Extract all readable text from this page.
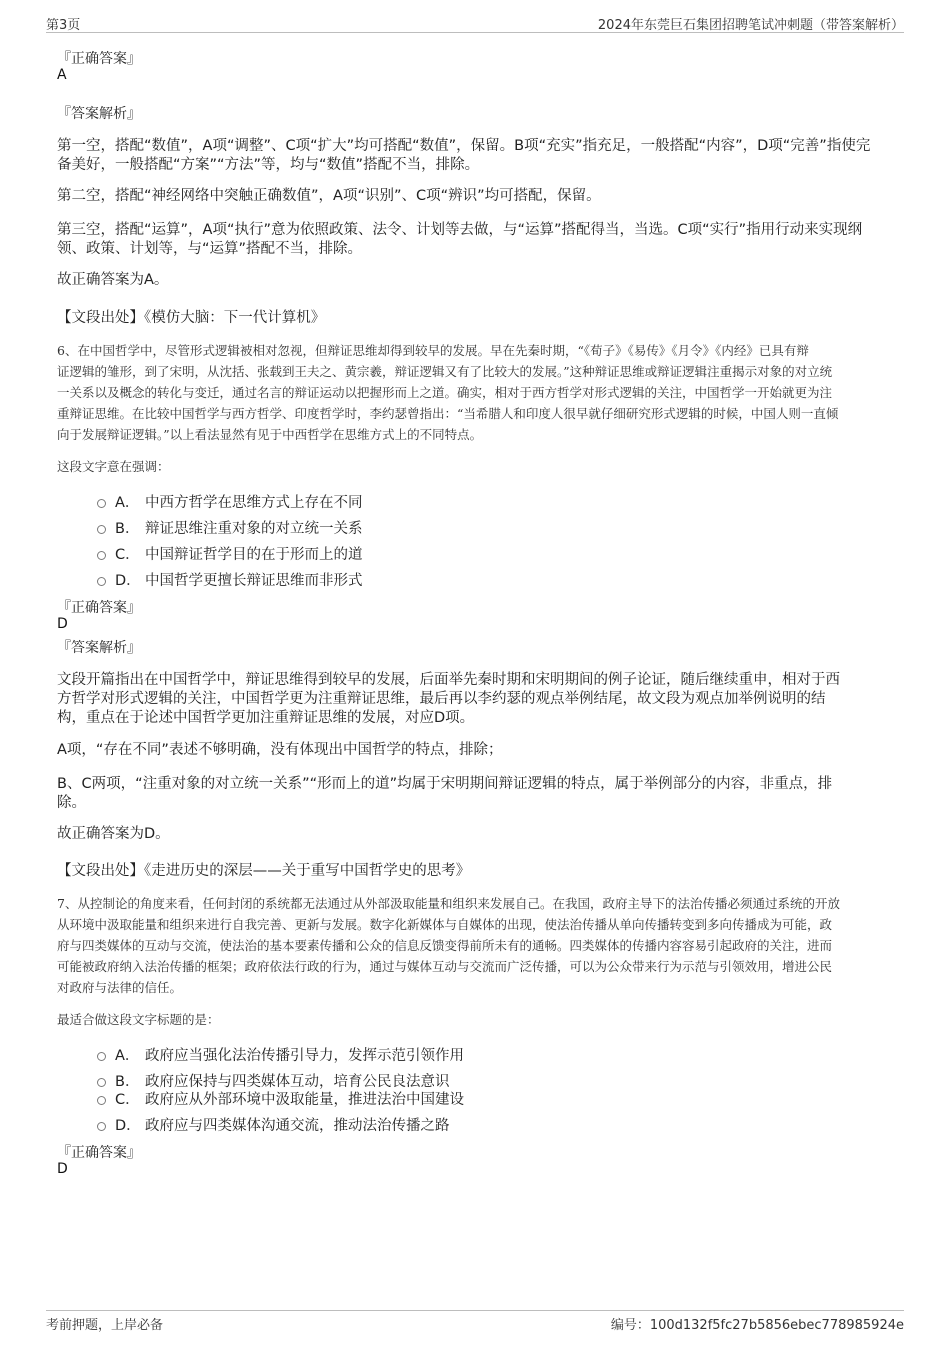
第3页	2024年东莞巨石集团招聘笔试冲刺题（带答案解析）
『正确答案』
A
『答案解析』
第一空，搭配“数值”，A项“调整”、C项“扩大”均可搭配“数值”，保留。B项“充实”指充足，一般搭配“内容”，D项“完善”指使完
备美好，一般搭配“方案”“方法”等，均与“数值”搭配不当，排除。
第二空，搭配“神经网络中突触正确数值”，A项“识别”、C项“辨识”均可搭配，保留。
第三空，搭配“运算”，A项“执行”意为依照政策、法令、计划等去做，与“运算”搭配得当，当选。C项“实行”指用行动来实现纲
领、政策、计划等，与“运算”搭配不当，排除。
故正确答案为A。
【文段出处】《模仿大脑：下一代计算机》
6、在中国哲学中，尽管形式逻辑被相对忽视，但辩证思维却得到较早的发展。早在先秦时期，“《荀子》《易传》《月令》《内经》已具有辩
证逻辑的雏形，到了宋明，从沈括、张载到王夫之、黄宗羲，辩证逻辑又有了比较大的发展。”这种辩证思维或辩证逻辑注重揭示对象的对立统
一关系以及概念的转化与变迁，通过名言的辩证运动以把握形而上之道。确实，相对于西方哲学对形式逻辑的关注，中国哲学一开始就更为注
重辩证思维。在比较中国哲学与西方哲学、印度哲学时，李约瑟曾指出：“当希腊人和印度人很早就仔细研究形式逻辑的时候，中国人则一直倾
向于发展辩证逻辑。”以上看法显然有见于中西哲学在思维方式上的不同特点。
这段文字意在强调：
A． 中西方哲学在思维方式上存在不同
B． 辩证思维注重对象的对立统一关系
C． 中国辩证哲学目的在于形而上的道
D． 中国哲学更擅长辩证思维而非形式
『正确答案』
D
『答案解析』
文段开篇指出在中国哲学中，辩证思维得到较早的发展，后面举先秦时期和宋明期间的例子论证，随后继续重申，相对于西
方哲学对形式逻辑的关注，中国哲学更为注重辩证思维，最后再以李约瑟的观点举例结尾，故文段为观点加举例说明的结
构，重点在于论述中国哲学更加注重辩证思维的发展，对应D项。
A项，“存在不同”表述不够明确，没有体现出中国哲学的特点，排除；
B、C两项，“注重对象的对立统一关系”“形而上的道”均属于宋明期间辩证逻辑的特点，属于举例部分的内容，非重点，排
除。
故正确答案为D。
【文段出处】《走进历史的深层——关于重写中国哲学史的思考》
7、从控制论的角度来看，任何封闭的系统都无法通过从外部汲取能量和组织来发展自己。在我国，政府主导下的法治传播必须通过系统的开放
从环境中汲取能量和组织来进行自我完善、更新与发展。数字化新媒体与自媒体的出现，使法治传播从单向传播转变到多向传播成为可能，政
府与四类媒体的互动与交流，使法治的基本要素传播和公众的信息反馈变得前所未有的通畅。四类媒体的传播内容容易引起政府的关注，进而
可能被政府纳入法治传播的框架；政府依法行政的行为，通过与媒体互动与交流而广泛传播，可以为公众带来行为示范与引领效用，增进公民
对政府与法律的信任。
最适合做这段文字标题的是：
A． 政府应当强化法治传播引导力，发挥示范引领作用
B． 政府应保持与四类媒体互动，培育公民良法意识
C． 政府应从外部环境中汲取能量，推进法治中国建设
D． 政府应与四类媒体沟通交流，推动法治传播之路
『正确答案』
D
考前押题，上岸必备	编号：100d132f5fc27b5856ebec778985924e
